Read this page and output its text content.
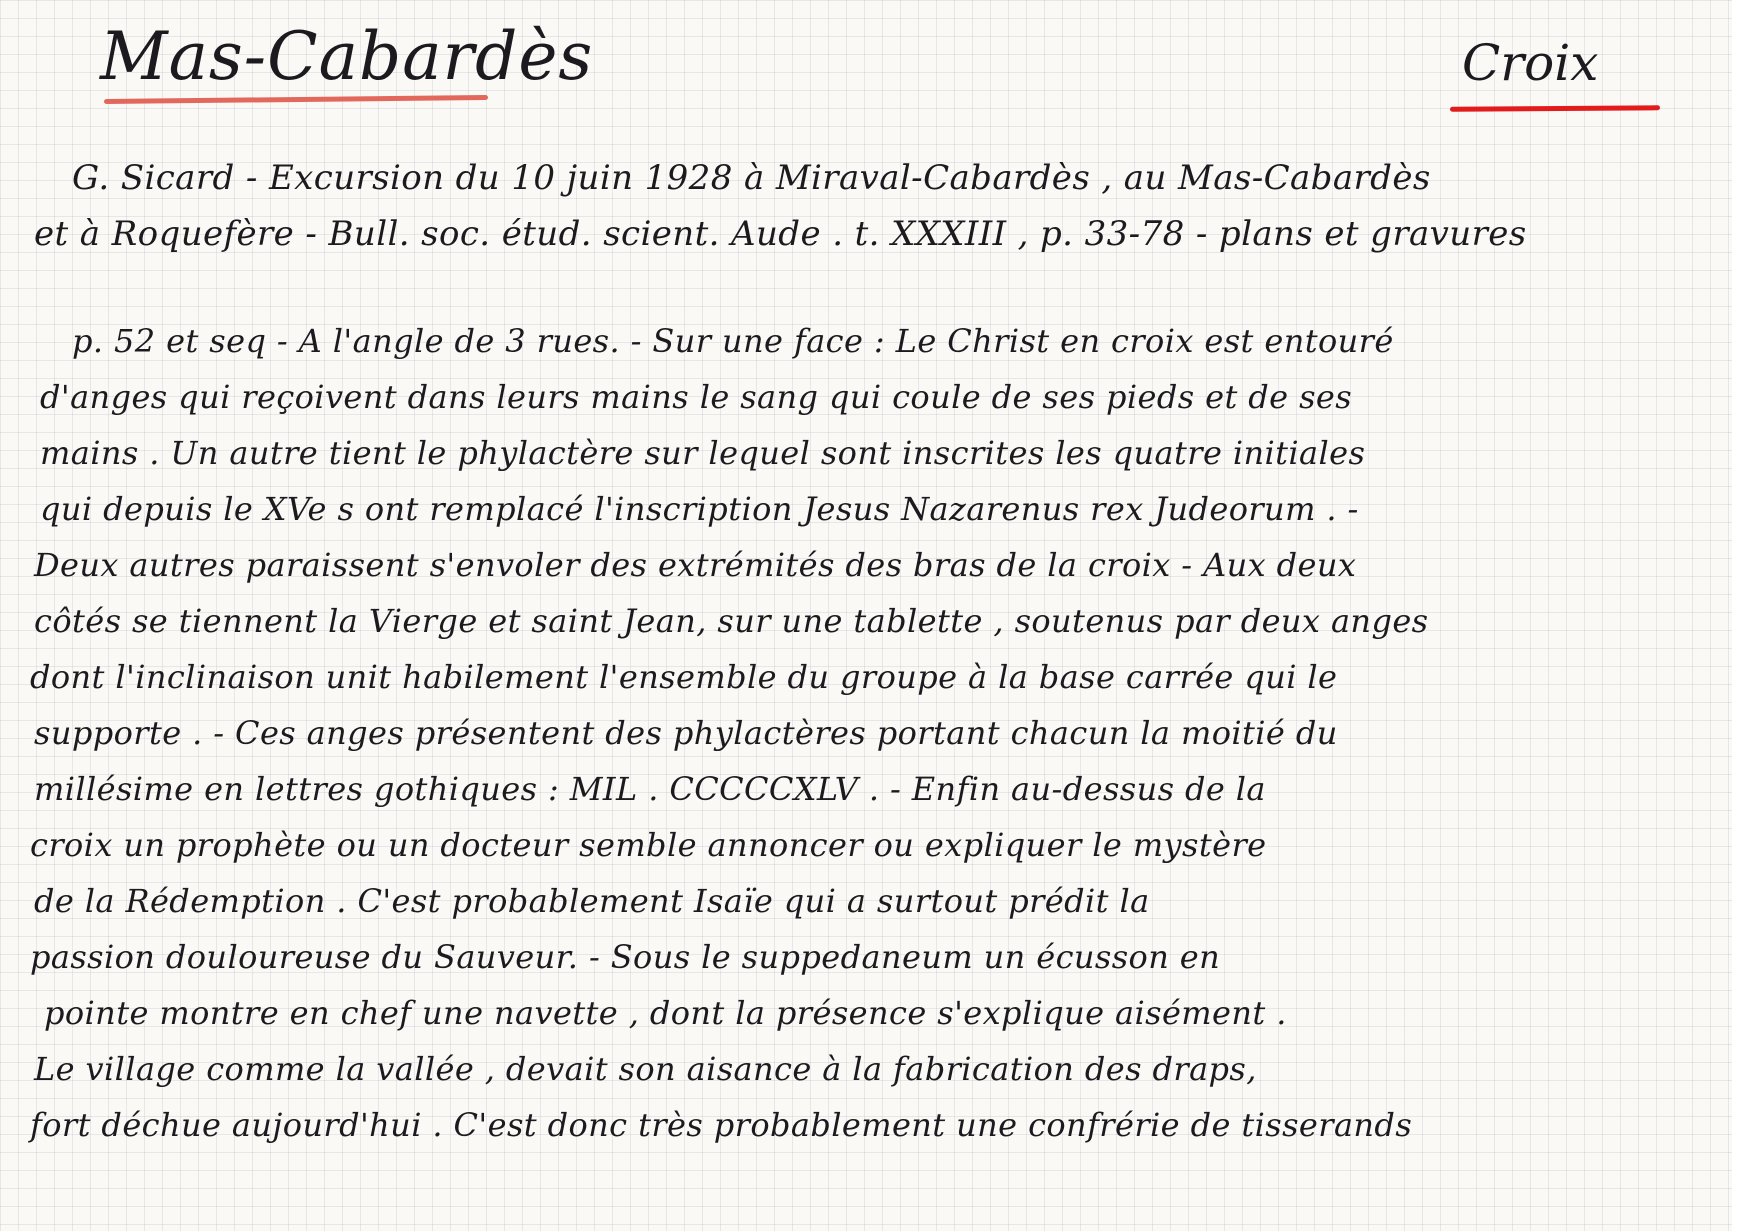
Mas-Cabardès	Croix
G. Sicard - Excursion du 10 juin 1928 à Miraval-Cabardès , au Mas-Cabardès
et à Roquefère - Bull. soc. étud. scient. Aude . t. XXXIII , p. 33-78 - plans et gravures
p. 52 et seq - A l'angle de 3 rues. - Sur une face : Le Christ en croix est entouré
d'anges qui reçoivent dans leurs mains le sang qui coule de ses pieds et de ses
mains . Un autre tient le phylactère sur lequel sont inscrites les quatre initiales
qui depuis le XVe s ont remplacé l'inscription Jesus Nazarenus rex Judeorum . -
Deux autres paraissent s'envoler des extrémités des bras de la croix - Aux deux
côtés se tiennent la Vierge et saint Jean, sur une tablette , soutenus par deux anges
dont l'inclinaison unit habilement l'ensemble du groupe à la base carrée qui le
supporte . - Ces anges présentent des phylactères portant chacun la moitié du
millésime en lettres gothiques : MIL . CCCCCXLV . - Enfin au-dessus de la
croix un prophète ou un docteur semble annoncer ou expliquer le mystère
de la Rédemption . C'est probablement Isaïe qui a surtout prédit la
passion douloureuse du Sauveur. - Sous le suppedaneum un écusson en
pointe montre en chef une navette , dont la présence s'explique aisément .
Le village comme la vallée , devait son aisance à la fabrication des draps,
fort déchue aujourd'hui . C'est donc très probablement une confrérie de tisserands
